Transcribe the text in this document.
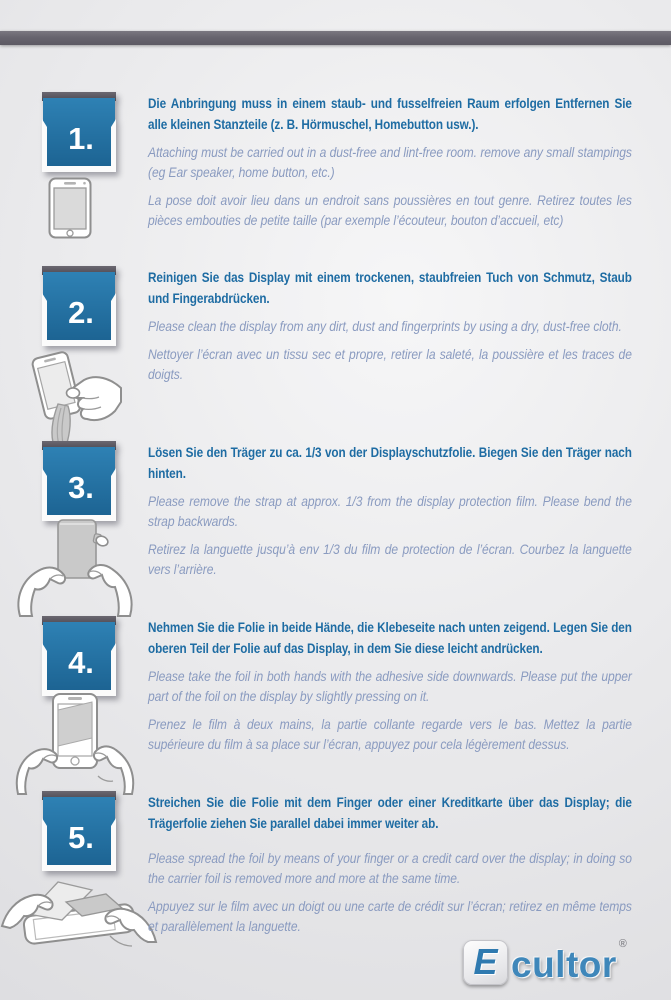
1.

Die Anbringung muss in einem staub- und fusselfreien Raum erfolgen Entfernen Sie alle kleinen Stanzteile (z. B. Hörmuschel, Homebutton usw.).

Attaching must be carried out in a dust-free and lint-free room. remove any small stampings (eg Ear speaker, home button, etc.)

La pose doit avoir lieu dans un endroit sans poussières en tout genre. Retirez toutes les pièces embouties de petite taille (par exemple l’écouteur, bouton d’accueil, etc)

2.

Reinigen Sie das Display mit einem trockenen, staubfreien Tuch von Schmutz, Staub und Fingerabdrücken.

Please clean the display from any dirt, dust and fingerprints by using a dry, dust-free cloth.

Nettoyer l’écran avec un tissu sec et propre, retirer la saleté, la poussière et les traces de doigts.

3.

Lösen Sie den Träger zu ca. 1/3 von der Displayschutzfolie. Biegen Sie den Träger nach hinten.

Please remove the strap at approx. 1/3 from the display protection film. Please bend the strap backwards.

Retirez la languette jusqu’à env 1/3 du film de protection de l’écran. Courbez la languette vers l’arrière.

4.

Nehmen Sie die Folie in beide Hände, die Klebeseite nach unten zeigend. Legen Sie den oberen Teil der Folie auf das Display, in dem Sie diese leicht andrücken.

Please take the foil in both hands with the adhesive side downwards. Please put the upper part of the foil on the display by slightly pressing on it.

Prenez le film à deux mains, la partie collante regarde vers le bas. Mettez la partie supérieure du film à sa place sur l’écran, appuyez pour cela légèrement dessus.

5.

Streichen Sie die Folie mit dem Finger oder einer Kreditkarte über das Display; die Trägerfolie ziehen Sie parallel dabei immer weiter ab.

Please spread the foil by means of your finger or a credit card over the display; in doing so the carrier foil is removed more and more at the same time.

Appuyez sur le film avec un doigt ou une carte de crédit sur l’écran; retirez en même temps et parallèlement la languette.

E cultor ®
